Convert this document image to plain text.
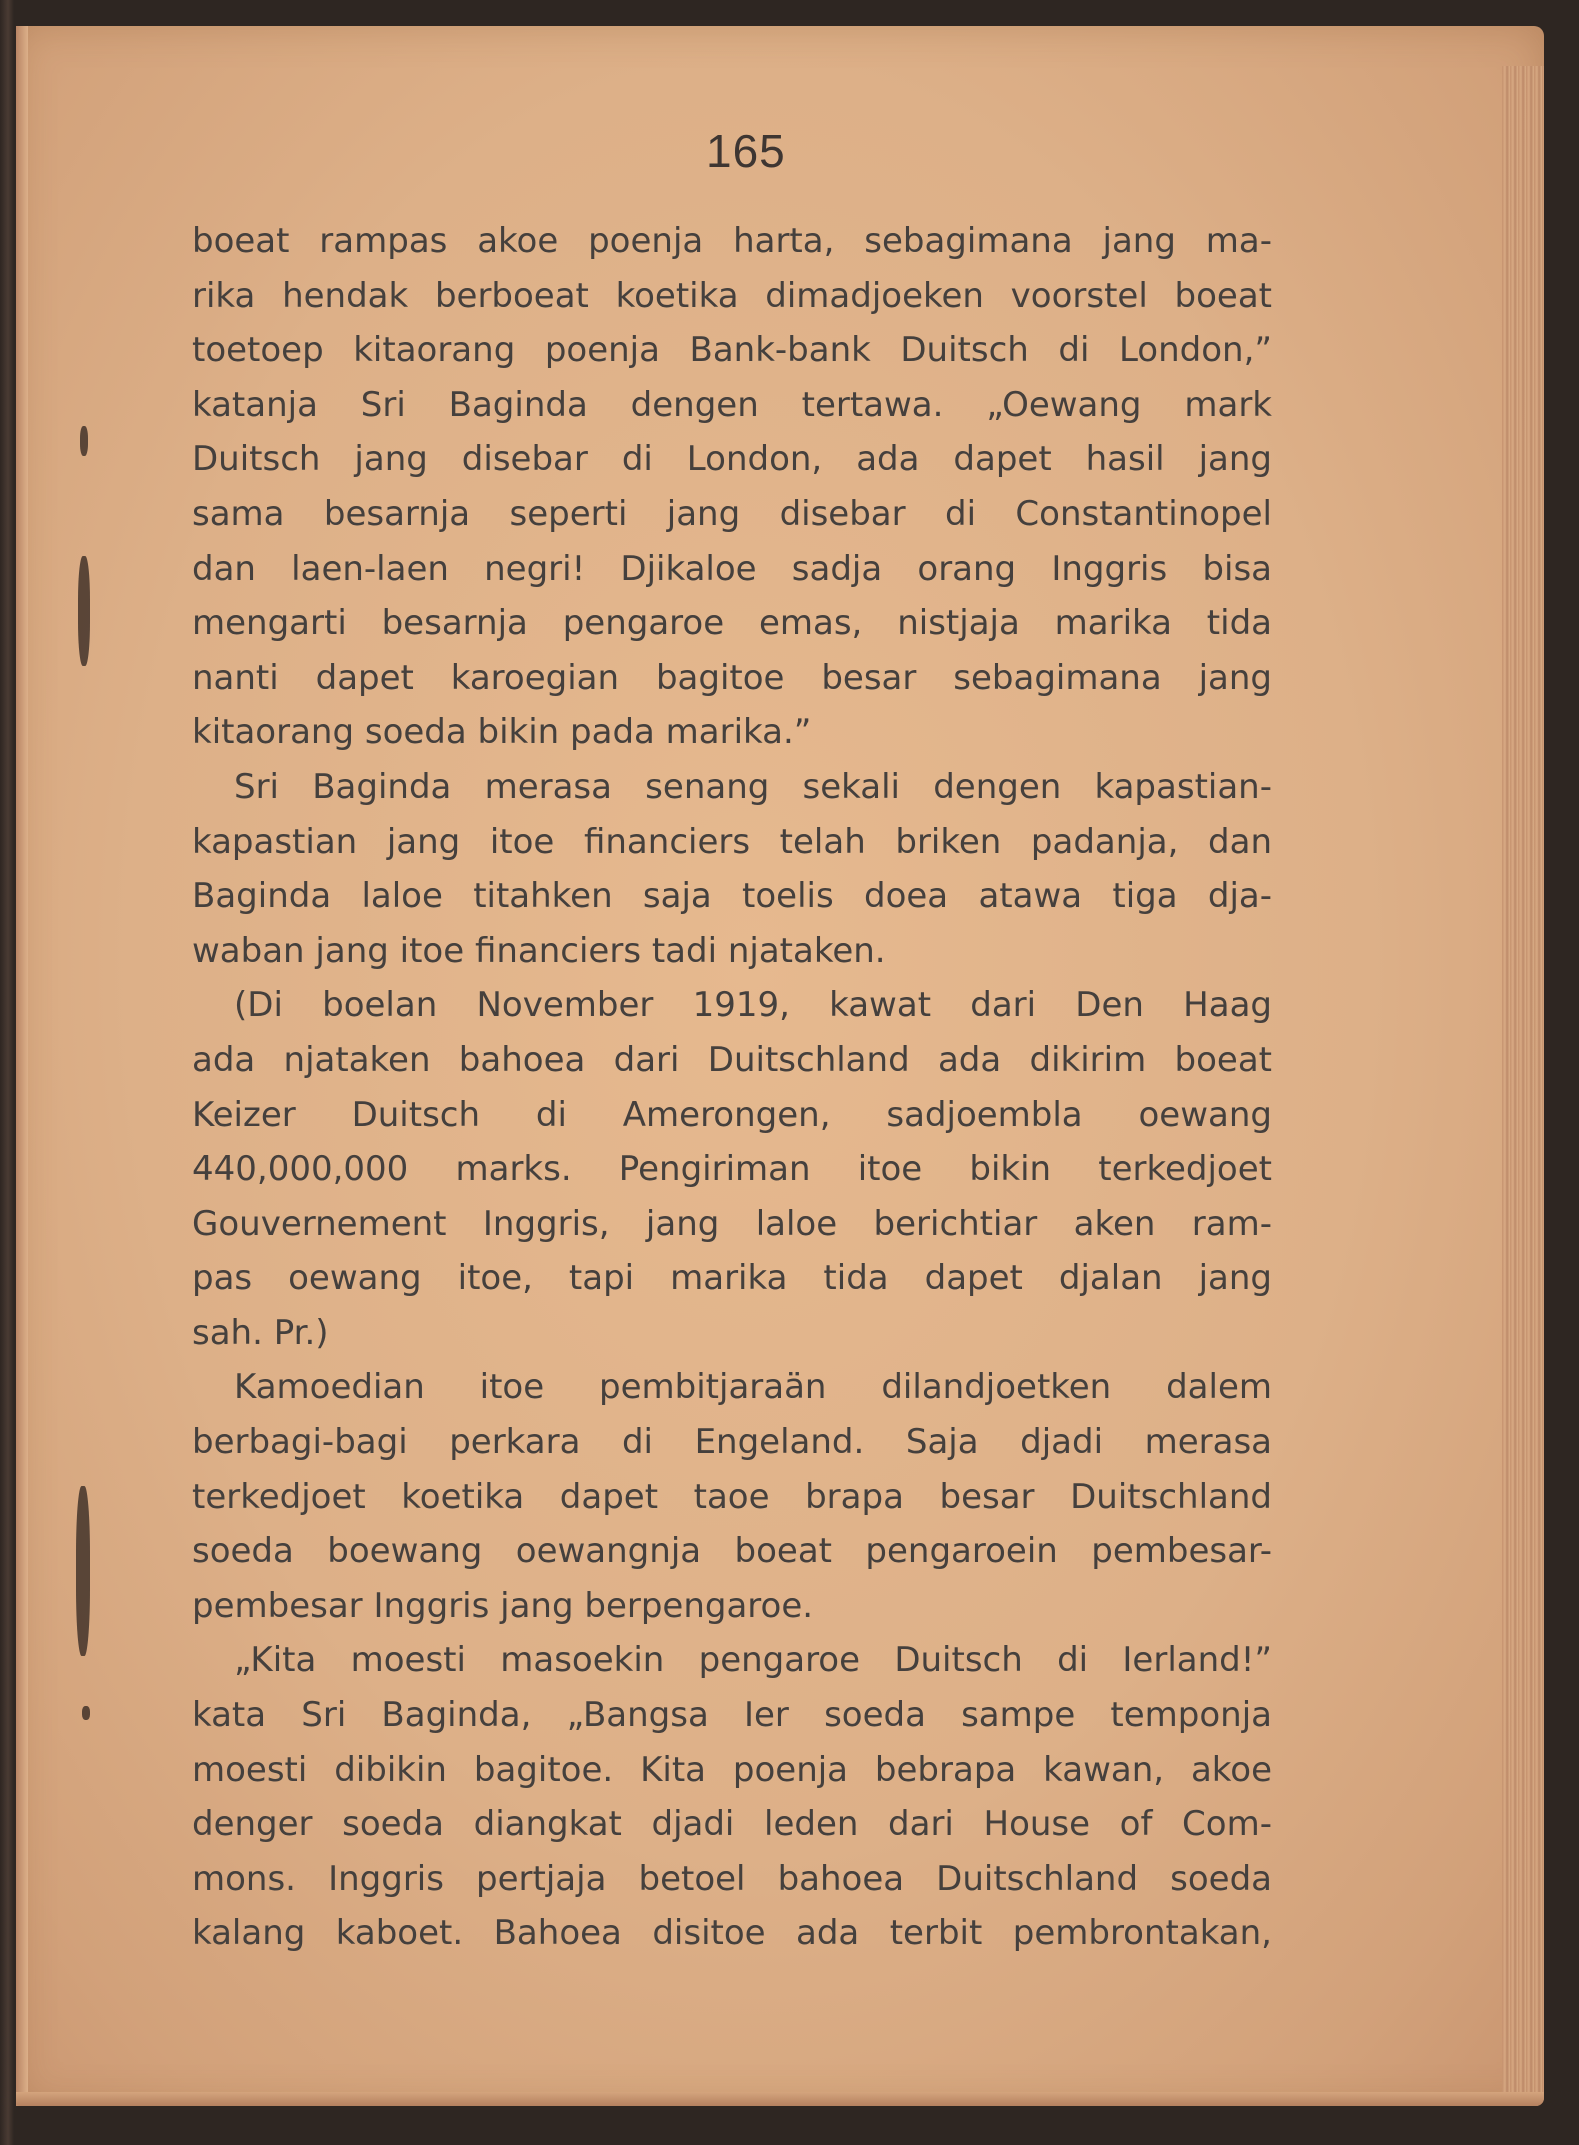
165
boeat rampas akoe poenja harta, sebagimana jang ma-
rika hendak berboeat koetika dimadjoeken voorstel boeat
toetoep kitaorang poenja Bank-bank Duitsch di London,”
katanja Sri Baginda dengen tertawa. „Oewang mark
Duitsch jang disebar di London, ada dapet hasil jang
sama besarnja seperti jang disebar di Constantinopel
dan laen-laen negri! Djikaloe sadja orang Inggris bisa
mengarti besarnja pengaroe emas, nistjaja marika tida
nanti dapet karoegian bagitoe besar sebagimana jang
kitaorang soeda bikin pada marika.”
Sri Baginda merasa senang sekali dengen kapastian-
kapastian jang itoe financiers telah briken padanja, dan
Baginda laloe titahken saja toelis doea atawa tiga dja-
waban jang itoe financiers tadi njataken.
(Di boelan November 1919, kawat dari Den Haag
ada njataken bahoea dari Duitschland ada dikirim boeat
Keizer Duitsch di Amerongen, sadjoembla oewang
440,000,000 marks. Pengiriman itoe bikin terkedjoet
Gouvernement Inggris, jang laloe berichtiar aken ram-
pas oewang itoe, tapi marika tida dapet djalan jang
sah. Pr.)
Kamoedian itoe pembitjaraän dilandjoetken dalem
berbagi-bagi perkara di Engeland. Saja djadi merasa
terkedjoet koetika dapet taoe brapa besar Duitschland
soeda boewang oewangnja boeat pengaroein pembesar-
pembesar Inggris jang berpengaroe.
„Kita moesti masoekin pengaroe Duitsch di Ierland!”
kata Sri Baginda, „Bangsa Ier soeda sampe temponja
moesti dibikin bagitoe. Kita poenja bebrapa kawan, akoe
denger soeda diangkat djadi leden dari House of Com-
mons. Inggris pertjaja betoel bahoea Duitschland soeda
kalang kaboet. Bahoea disitoe ada terbit pembrontakan,
